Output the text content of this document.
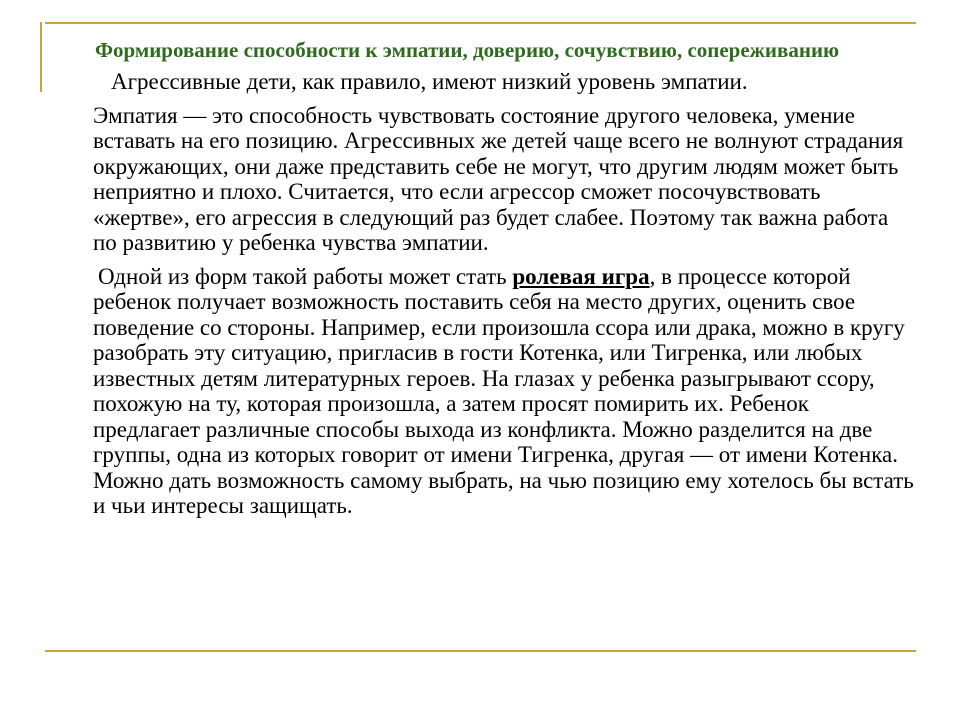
Формирование способности к эмпатии, доверию, сочувствию, сопереживанию

Агрессивные дети, как правило, имеют низкий уровень эмпатии.

Эмпатия — это способность чувствовать состояние другого человека, умение вставать на его позицию. Агрессивных же детей чаще всего не волнуют страдания окружающих, они даже представить себе не могут, что другим людям может быть неприятно и плохо. Считается, что если агрессор сможет посочувствовать «жертве», его агрессия в следующий раз будет слабее. Поэтому так важна работа по развитию у ребенка чувства эмпатии.

Одной из форм такой работы может стать ролевая игра, в процессе которой ребенок получает возможность поставить себя на место других, оценить свое поведение со стороны. Например, если произошла ссора или драка, можно в кругу разобрать эту ситуацию, пригласив в гости Котенка, или Тигренка, или любых известных детям литературных героев. На глазах у ребенка разыгрывают ссору, похожую на ту, которая произошла, а затем просят помирить их. Ребенок предлагает различные способы выхода из конфликта. Можно разделится на две группы, одна из которых говорит от имени Тигренка, другая — от имени Котенка. Можно дать возможность самому выбрать, на чью позицию ему хотелось бы встать и чьи интересы защищать.
